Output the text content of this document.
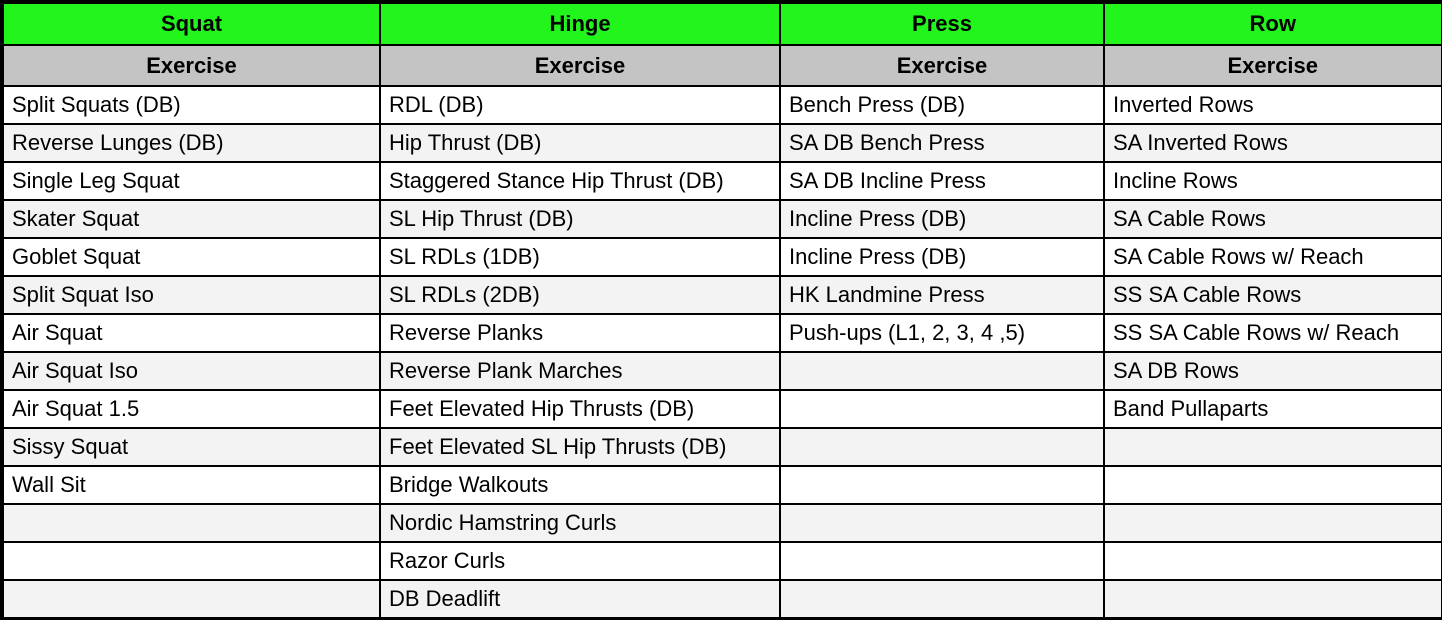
Squat	Hinge	Press	Row
Exercise	Exercise	Exercise	Exercise
Split Squats (DB)	RDL (DB)	Bench Press (DB)	Inverted Rows
Reverse Lunges (DB)	Hip Thrust (DB)	SA DB Bench Press	SA Inverted Rows
Single Leg Squat	Staggered Stance Hip Thrust (DB)	SA DB Incline Press	Incline Rows
Skater Squat	SL Hip Thrust (DB)	Incline Press (DB)	SA Cable Rows
Goblet Squat	SL RDLs (1DB)	Incline Press (DB)	SA Cable Rows w/ Reach
Split Squat Iso	SL RDLs (2DB)	HK Landmine Press	SS SA Cable Rows
Air Squat	Reverse Planks	Push-ups (L1, 2, 3, 4 ,5)	SS SA Cable Rows w/ Reach
Air Squat Iso	Reverse Plank Marches		SA DB Rows
Air Squat 1.5	Feet Elevated Hip Thrusts (DB)		Band Pullaparts
Sissy Squat	Feet Elevated SL Hip Thrusts (DB)		
Wall Sit	Bridge Walkouts		
	Nordic Hamstring Curls		
	Razor Curls		
	DB Deadlift		
